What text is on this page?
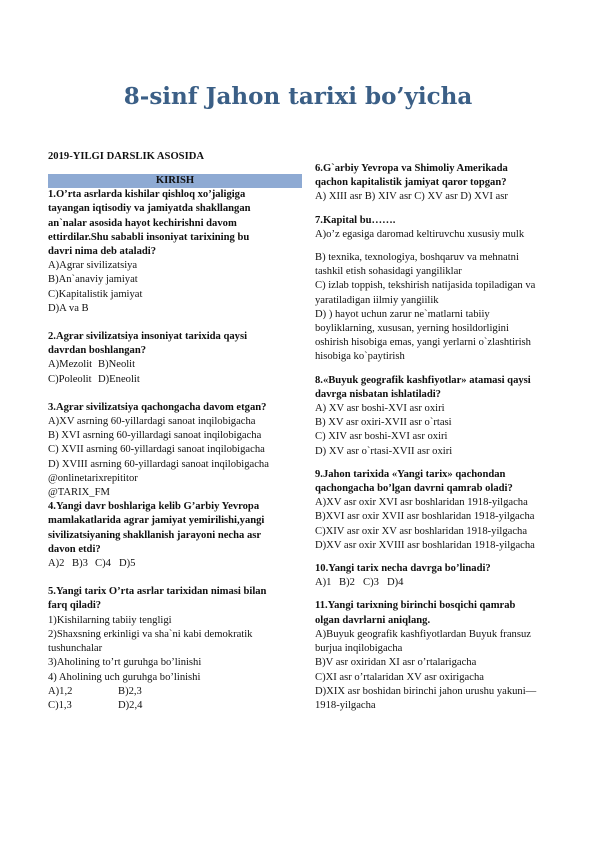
8-sinf Jahon tarixi bo’yicha

2019-YILGI DARSLIK ASOSIDA

KIRISH

1.O’rta asrlarda kishilar qishloq xo’jaligiga

tayangan iqtisodiy va jamiyatda shakllangan

an`nalar asosida hayot kechirishni davom

ettirdilar.Shu sababli insoniyat tarixining bu

davri nima deb ataladi?

A)Agrar sivilizatsiya

B)An`anaviy jamiyat

C)Kapitalistik jamiyat

D)A va B

2.Agrar sivilizatsiya insoniyat tarixida qaysi

davrdan boshlangan?

A)Mezolit B)Neolit
C)Poleolit D)Eneolit

3.Agrar sivilizatsiya qachongacha davom etgan?

A)XV asrning 60-yillardagi sanoat inqilobigacha

B) XVI asrning 60-yillardagi sanoat inqilobigacha

C) XVII asrning 60-yillardagi sanoat inqilobigacha

D) XVIII asrning 60-yillardagi sanoat inqilobigacha

@onlinetarixrepititor

@TARIX_FM

4.Yangi davr boshlariga kelib G’arbiy Yevropa

mamlakatlarida agrar jamiyat yemirilishi,yangi

sivilizatsiyaning shakllanish jarayoni necha asr

davon etdi?

A)2 B)3 C)4 D)5

5.Yangi tarix O’rta asrlar tarixidan nimasi bilan

farq qiladi?

1)Kishilarning tabiiy tengligi

2)Shaxsning erkinligi va sha`ni kabi demokratik

tushunchalar

3)Aholining to’rt guruhga bo’linishi

4) Aholining uch guruhga bo’linishi

A)1,2	B)2,3
C)1,3	D)2,4

6.G`arbiy Yevropa va Shimoliy Amerikada

qachon kapitalistik jamiyat qaror topgan?

A) XIII asr B) XIV asr C) XV asr D) XVI asr

7.Kapital bu…….

A)o’z egasiga daromad keltiruvchu xususiy mulk

B) texnika, texnologiya, boshqaruv va mehnatni

tashkil etish sohasidagi yangiliklar

C) izlab toppish, tekshirish natijasida topiladigan va

yaratiladigan iilmiy yangiilik

D) ) hayot uchun zarur ne`matlarni tabiiy

boyliklarning, xususan, yerning hosildorligini

oshirish hisobiga emas, yangi yerlarni o`zlashtirish

hisobiga ko`paytirish

8.«Buyuk geografik kashfiyotlar» atamasi qaysi

davrga nisbatan ishlatiladi?

A) XV asr boshi-XVI asr oxiri

B) XV asr oxiri-XVII asr o`rtasi

C) XIV asr boshi-XVI asr oxiri

D) XV asr o`rtasi-XVII asr oxiri

9.Jahon tarixida «Yangi tarix» qachondan

qachongacha bo’lgan davrni qamrab oladi?

A)XV asr oxir XVI asr boshlaridan 1918-yilgacha

B)XVI asr oxir XVII asr boshlaridan 1918-yilgacha

C)XIV asr oxir XV asr boshlaridan 1918-yilgacha

D)XV asr oxir XVIII asr boshlaridan 1918-yilgacha

10.Yangi tarix necha davrga bo’linadi?

A)1 B)2 C)3 D)4

11.Yangi tarixning birinchi bosqichi qamrab

olgan davrlarni aniqlang.

A)Buyuk geografik kashfiyotlardan Buyuk fransuz

burjua inqilobigacha

B)V asr oxiridan XI asr o’rtalarigacha

C)XI asr o’rtalaridan XV asr oxirigacha

D)XIX asr boshidan birinchi jahon urushu yakuni—

1918-yilgacha
